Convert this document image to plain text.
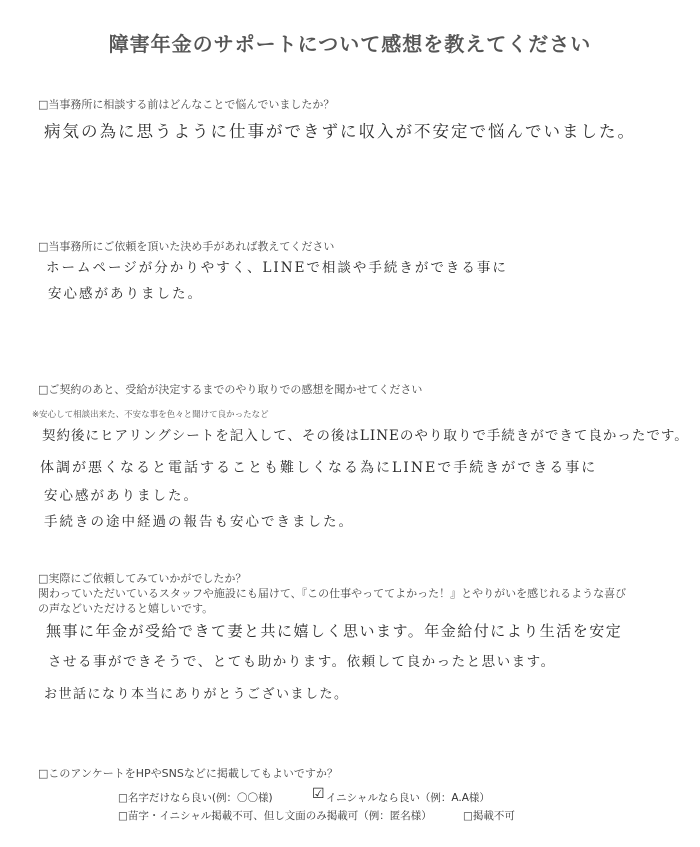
障害年金のサポートについて感想を教えてください
□当事務所に相談する前はどんなことで悩んでいましたか？
病気の為に思うように仕事ができずに収入が不安定で悩んでいました。
□当事務所にご依頼を頂いた決め手があれば教えてください
ホームページが分かりやすく、LINEで相談や手続きができる事に
安心感がありました。
□ご契約のあと、受給が決定するまでのやり取りでの感想を聞かせてください
※安心して相談出来た、不安な事を色々と聞けて良かったなど
契約後にヒアリングシートを記入して、その後はLINEのやり取りで手続きができて良かったです。
体調が悪くなると電話することも難しくなる為にLINEで手続きができる事に
安心感がありました。
手続きの途中経過の報告も安心できました。
□実際にご依頼してみていかがでしたか？
関わっていただいているスタッフや施設にも届けて、『この仕事やっててよかった！』とやりがいを感じれるような喜び
の声などいただけると嬉しいです。
無事に年金が受給できて妻と共に嬉しく思います。年金給付により生活を安定
させる事ができそうで、とても助かります。依頼して良かったと思います。
お世話になり本当にありがとうございました。
□このアンケートをHPやSNSなどに掲載してもよいですか？
□名字だけなら良い(例：〇〇様)	☑ イニシャルなら良い（例：A.A様）
□苗字・イニシャル掲載不可、但し文面のみ掲載可（例：匿名様）	□掲載不可
